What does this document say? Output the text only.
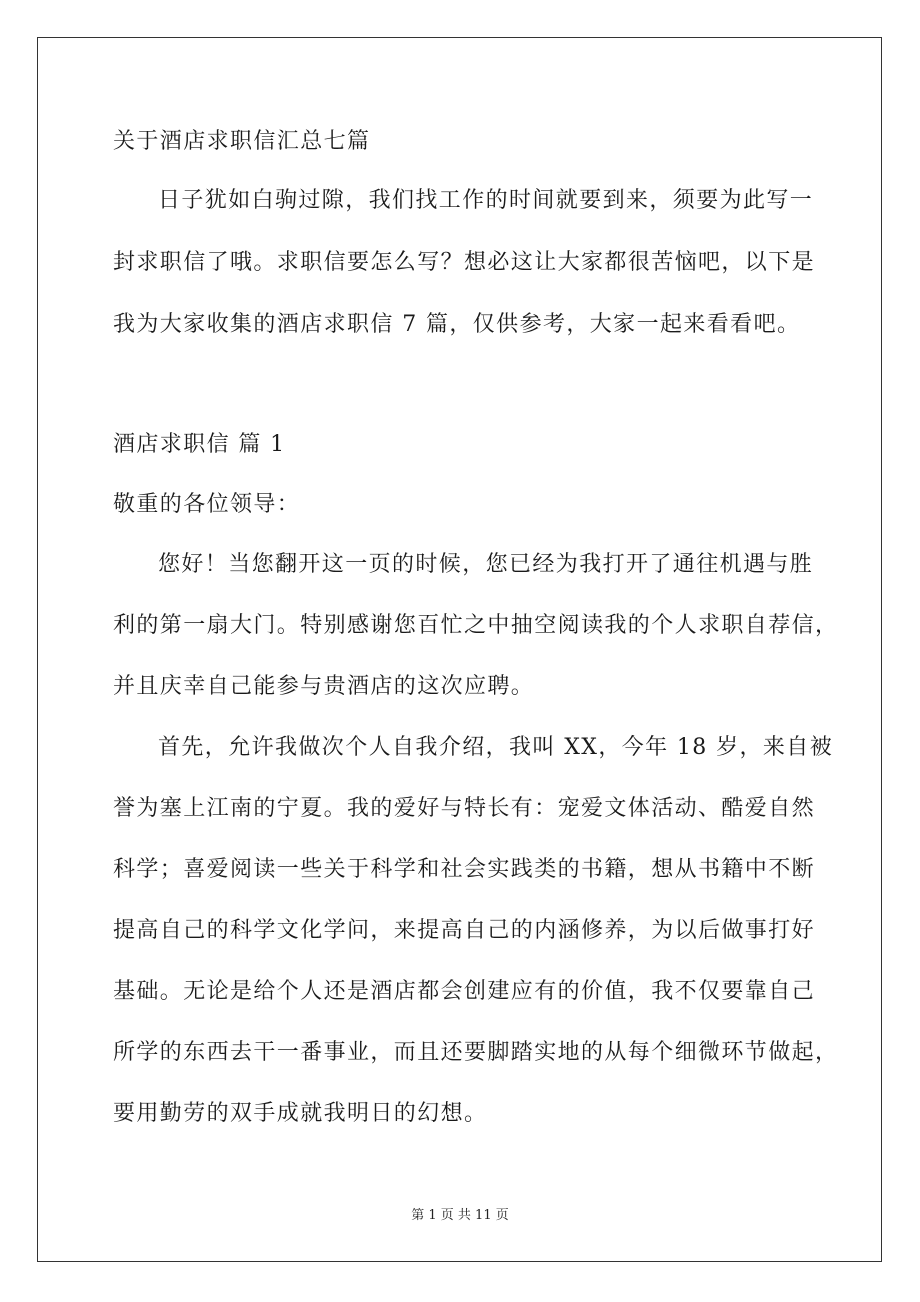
关于酒店求职信汇总七篇
日子犹如白驹过隙，我们找工作的时间就要到来，须要为此写一
封求职信了哦。求职信要怎么写？想必这让大家都很苦恼吧，以下是
我为大家收集的酒店求职信 7 篇，仅供参考，大家一起来看看吧。
酒店求职信 篇 1
敬重的各位领导：
您好！当您翻开这一页的时候，您已经为我打开了通往机遇与胜
利的第一扇大门。特别感谢您百忙之中抽空阅读我的个人求职自荐信，
并且庆幸自己能参与贵酒店的这次应聘。
首先，允许我做次个人自我介绍，我叫 XX，今年 18 岁，来自被
誉为塞上江南的宁夏。我的爱好与特长有：宠爱文体活动、酷爱自然
科学；喜爱阅读一些关于科学和社会实践类的书籍，想从书籍中不断
提高自己的科学文化学问，来提高自己的内涵修养，为以后做事打好
基础。无论是给个人还是酒店都会创建应有的价值，我不仅要靠自己
所学的东西去干一番事业，而且还要脚踏实地的从每个细微环节做起，
要用勤劳的双手成就我明日的幻想。
第 1 页 共 11 页
